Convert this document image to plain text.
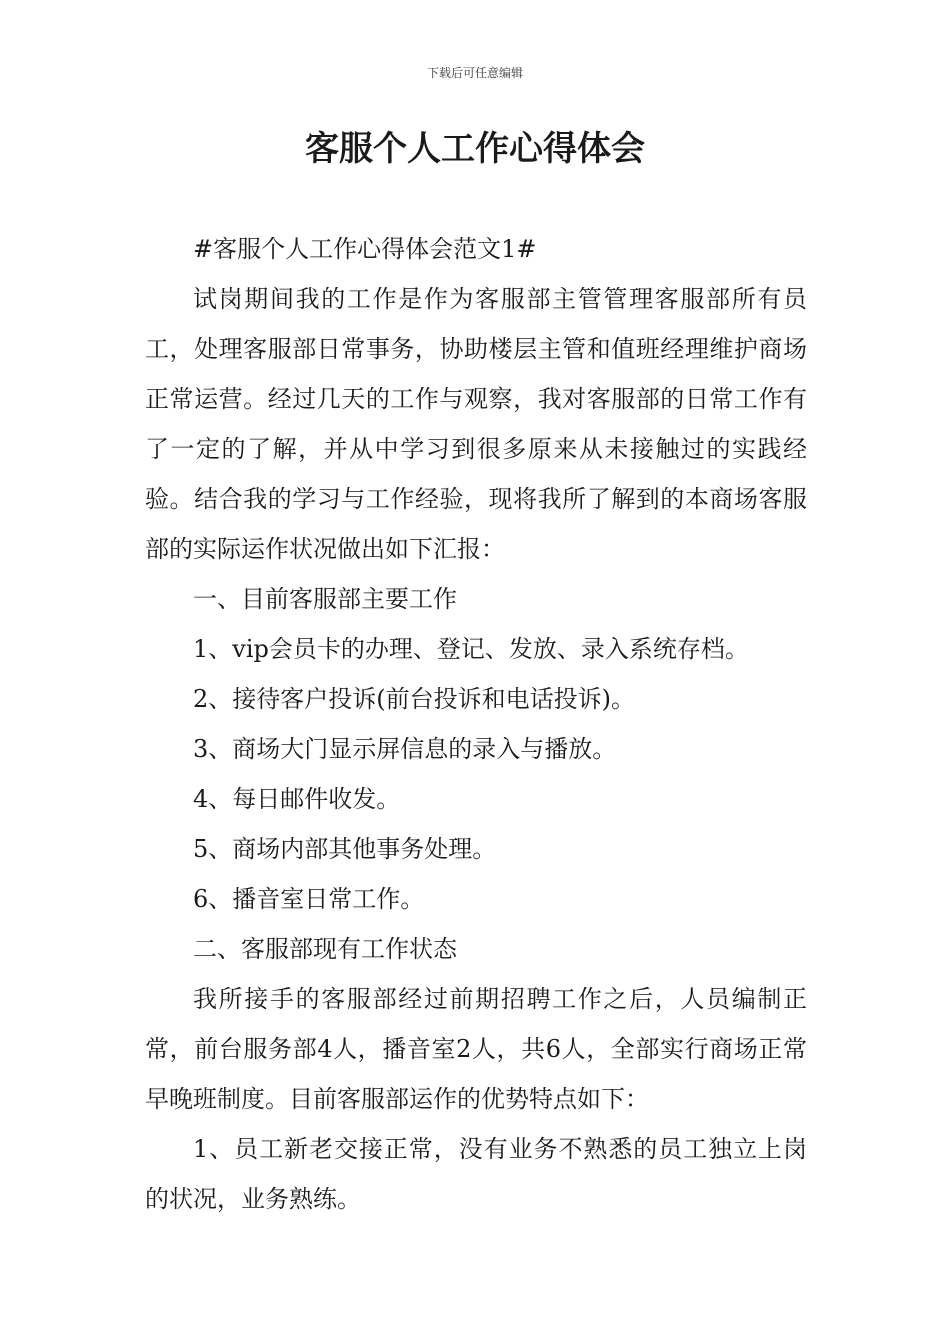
下载后可任意编辑
客服个人工作心得体会

#客服个人工作心得体会范文1#

试岗期间我的工作是作为客服部主管管理客服部所有员工，处理客服部日常事务，协助楼层主管和值班经理维护商场正常运营。经过几天的工作与观察，我对客服部的日常工作有了一定的了解，并从中学习到很多原来从未接触过的实践经验。结合我的学习与工作经验，现将我所了解到的本商场客服部的实际运作状况做出如下汇报：

一、目前客服部主要工作

1、vip会员卡的办理、登记、发放、录入系统存档。

2、接待客户投诉(前台投诉和电话投诉)。

3、商场大门显示屏信息的录入与播放。

4、每日邮件收发。

5、商场内部其他事务处理。

6、播音室日常工作。

二、客服部现有工作状态

我所接手的客服部经过前期招聘工作之后，人员编制正常，前台服务部4人，播音室2人，共6人，全部实行商场正常早晚班制度。目前客服部运作的优势特点如下：

1、员工新老交接正常，没有业务不熟悉的员工独立上岗的状况，业务熟练。
